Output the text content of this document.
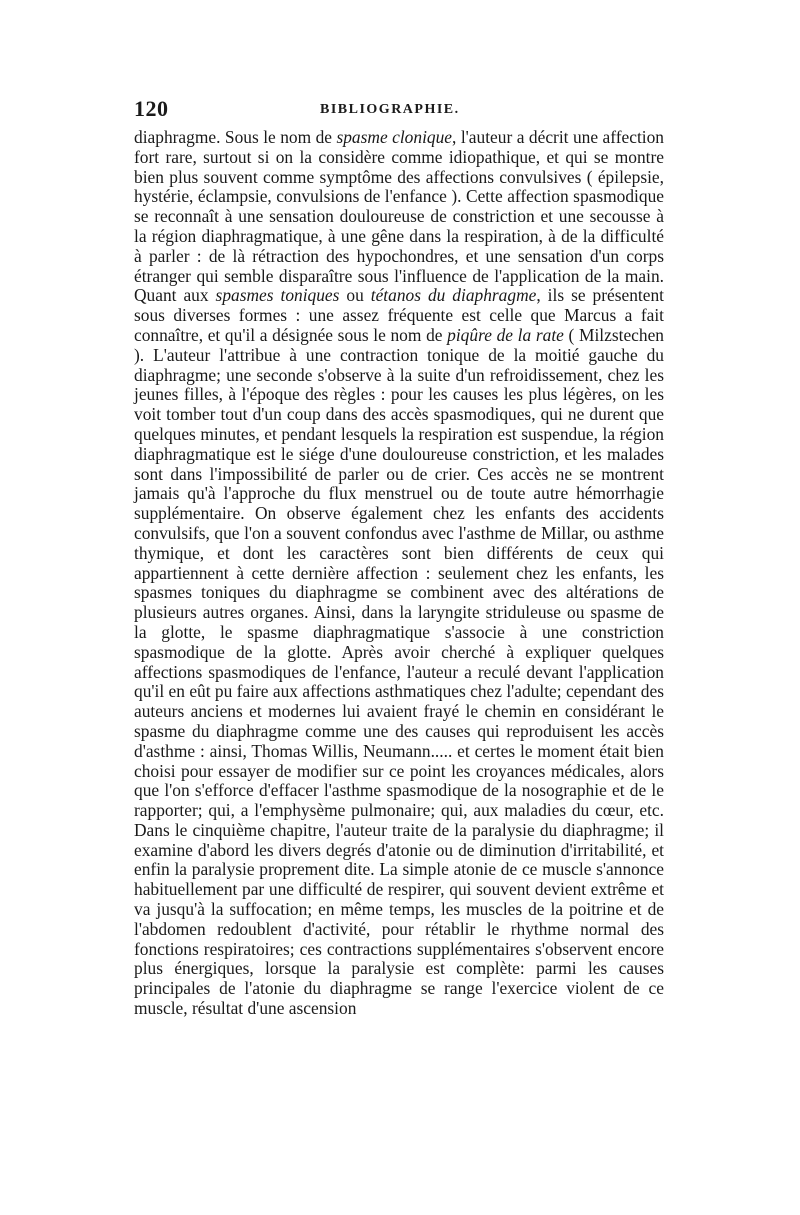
120	BIBLIOGRAPHIE.

diaphragme. Sous le nom de spasme clonique, l'auteur a décrit une affection fort rare, surtout si on la considère comme idiopathique, et qui se montre bien plus souvent comme symptôme des affections convulsives ( épilepsie, hystérie, éclampsie, convulsions de l'enfance ). Cette affection spasmodique se reconnaît à une sensation douloureuse de constriction et une secousse à la région diaphragmatique, à une gêne dans la respiration, à de la difficulté à parler : de là rétraction des hypochondres, et une sensation d'un corps étranger qui semble disparaître sous l'influence de l'application de la main. Quant aux spasmes toniques ou tétanos du diaphragme, ils se présentent sous diverses formes : une assez fréquente est celle que Marcus a fait connaître, et qu'il a désignée sous le nom de piqûre de la rate ( Milzstechen ). L'auteur l'attribue à une contraction tonique de la moitié gauche du diaphragme; une seconde s'observe à la suite d'un refroidissement, chez les jeunes filles, à l'époque des règles : pour les causes les plus légères, on les voit tomber tout d'un coup dans des accès spasmodiques, qui ne durent que quelques minutes, et pendant lesquels la respiration est suspendue, la région diaphragmatique est le siége d'une douloureuse constriction, et les malades sont dans l'impossibilité de parler ou de crier. Ces accès ne se montrent jamais qu'à l'approche du flux menstruel ou de toute autre hémorrhagie supplémentaire. On observe également chez les enfants des accidents convulsifs, que l'on a souvent confondus avec l'asthme de Millar, ou asthme thymique, et dont les caractères sont bien différents de ceux qui appartiennent à cette dernière affection : seulement chez les enfants, les spasmes toniques du diaphragme se combinent avec des altérations de plusieurs autres organes. Ainsi, dans la laryngite striduleuse ou spasme de la glotte, le spasme diaphragmatique s'associe à une constriction spasmodique de la glotte. Après avoir cherché à expliquer quelques affections spasmodiques de l'enfance, l'auteur a reculé devant l'application qu'il en eût pu faire aux affections asthmatiques chez l'adulte; cependant des auteurs anciens et modernes lui avaient frayé le chemin en considérant le spasme du diaphragme comme une des causes qui reproduisent les accès d'asthme : ainsi, Thomas Willis, Neumann..... et certes le moment était bien choisi pour essayer de modifier sur ce point les croyances médicales, alors que l'on s'efforce d'effacer l'asthme spasmodique de la nosographie et de le rapporter; qui, a l'emphysème pulmonaire; qui, aux maladies du cœur, etc. Dans le cinquième chapitre, l'auteur traite de la paralysie du diaphragme; il examine d'abord les divers degrés d'atonie ou de diminution d'irritabilité, et enfin la paralysie proprement dite. La simple atonie de ce muscle s'annonce habituellement par une difficulté de respirer, qui souvent devient extrême et va jusqu'à la suffocation; en même temps, les muscles de la poitrine et de l'abdomen redoublent d'activité, pour rétablir le rhythme normal des fonctions respiratoires; ces contractions supplémentaires s'observent encore plus énergiques, lorsque la paralysie est complète: parmi les causes principales de l'atonie du diaphragme se range l'exercice violent de ce muscle, résultat d'une ascension
